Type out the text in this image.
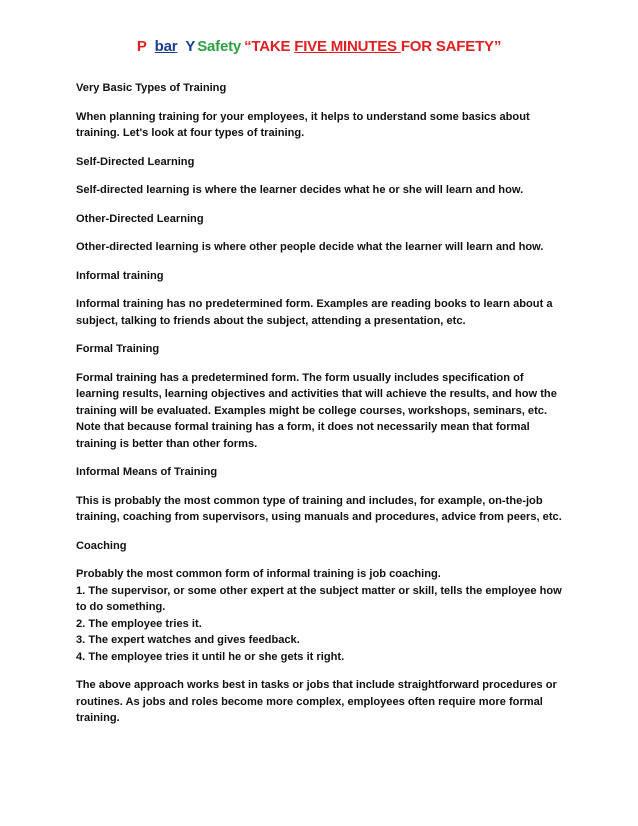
P bar Y Safety “TAKE FIVE MINUTES FOR SAFETY”

Very Basic Types of Training

When planning training for your employees, it helps to understand some basics about training. Let's look at four types of training.

Self-Directed Learning

Self-directed learning is where the learner decides what he or she will learn and how.

Other-Directed Learning

Other-directed learning is where other people decide what the learner will learn and how.

Informal training

Informal training has no predetermined form. Examples are reading books to learn about a subject, talking to friends about the subject, attending a presentation, etc.

Formal Training

Formal training has a predetermined form. The form usually includes specification of learning results, learning objectives and activities that will achieve the results, and how the training will be evaluated. Examples might be college courses, workshops, seminars, etc. Note that because formal training has a form, it does not necessarily mean that formal training is better than other forms.

Informal Means of Training

This is probably the most common type of training and includes, for example, on-the-job training, coaching from supervisors, using manuals and procedures, advice from peers, etc.

Coaching

Probably the most common form of informal training is job coaching.
1. The supervisor, or some other expert at the subject matter or skill, tells the employee how to do something.
2. The employee tries it.
3. The expert watches and gives feedback.
4. The employee tries it until he or she gets it right.

The above approach works best in tasks or jobs that include straightforward procedures or routines. As jobs and roles become more complex, employees often require more formal training.
